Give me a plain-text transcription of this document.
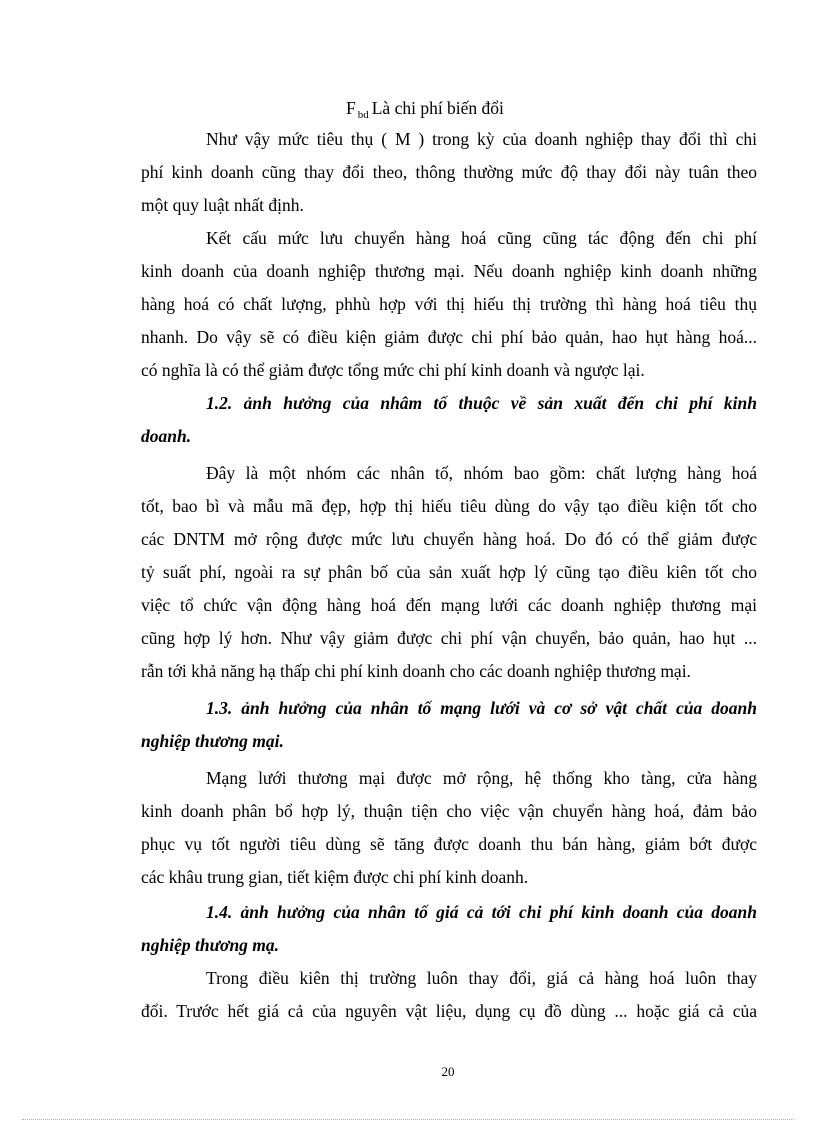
F $_{bd}$ Là chi phí biến đổi
Như vậy mức tiêu thụ ( M ) trong kỳ của doanh nghiệp thay đổi thì chi
phí kinh doanh cũng thay đổi theo, thông thường mức độ thay đổi này tuân theo
một quy luật nhất định.
Kết cấu mức lưu chuyển hàng hoá cũng cũng tác động đến chi phí
kinh doanh của doanh nghiệp thương mại. Nếu doanh nghiệp kinh doanh những
hàng hoá có chất lượng, phhù hợp với thị hiếu thị trường thì hàng hoá tiêu thụ
nhanh. Do vậy sẽ có điều kiện giảm được chi phí bảo quản, hao hụt hàng hoá...
có nghĩa là có thể giảm được tổng mức chi phí kinh doanh và ngược lại.
1.2. ảnh hưởng của nhâm tố thuộc về sản xuất đến chi phí kinh
doanh.
Đây là một nhóm các nhân tố, nhóm bao gồm: chất lượng hàng hoá
tốt, bao bì và mẫu mã đẹp, hợp thị hiếu tiêu dùng do vậy tạo điều kiện tốt cho
các DNTM mở rộng được mức lưu chuyển hàng hoá. Do đó có thể giảm được
tỷ suất phí, ngoài ra sự phân bố của sản xuất hợp lý cũng tạo điều kiên tốt cho
việc tổ chức vận động hàng hoá đến mạng lưới các doanh nghiệp thương mại
cũng hợp lý hơn. Như vậy giảm được chi phí vận chuyển, bảo quản, hao hụt ...
rẫn tới khả năng hạ thấp chi phí kinh doanh cho các doanh nghiệp thương mại.
1.3. ảnh hưởng của nhân tố mạng lưới và cơ sở vật chất của doanh
nghiệp thương mại.
Mạng lưới thương mại được mở rộng, hệ thống kho tàng, cửa hàng
kinh doanh phân bổ hợp lý, thuận tiện cho việc vận chuyển hàng hoá, đảm bảo
phục vụ tốt người tiêu dùng sẽ tăng được doanh thu bán hàng, giảm bớt được
các khâu trung gian, tiết kiệm được chi phí kinh doanh.
1.4. ảnh hưởng của nhân tố giá cả tới chi phí kinh doanh của doanh
nghiệp thương mạ.
Trong điều kiên thị trường luôn thay đổi, giá cả hàng hoá luôn thay
đổi. Trước hết giá cả của nguyên vật liệu, dụng cụ đồ dùng ... hoặc giá cả của
20
